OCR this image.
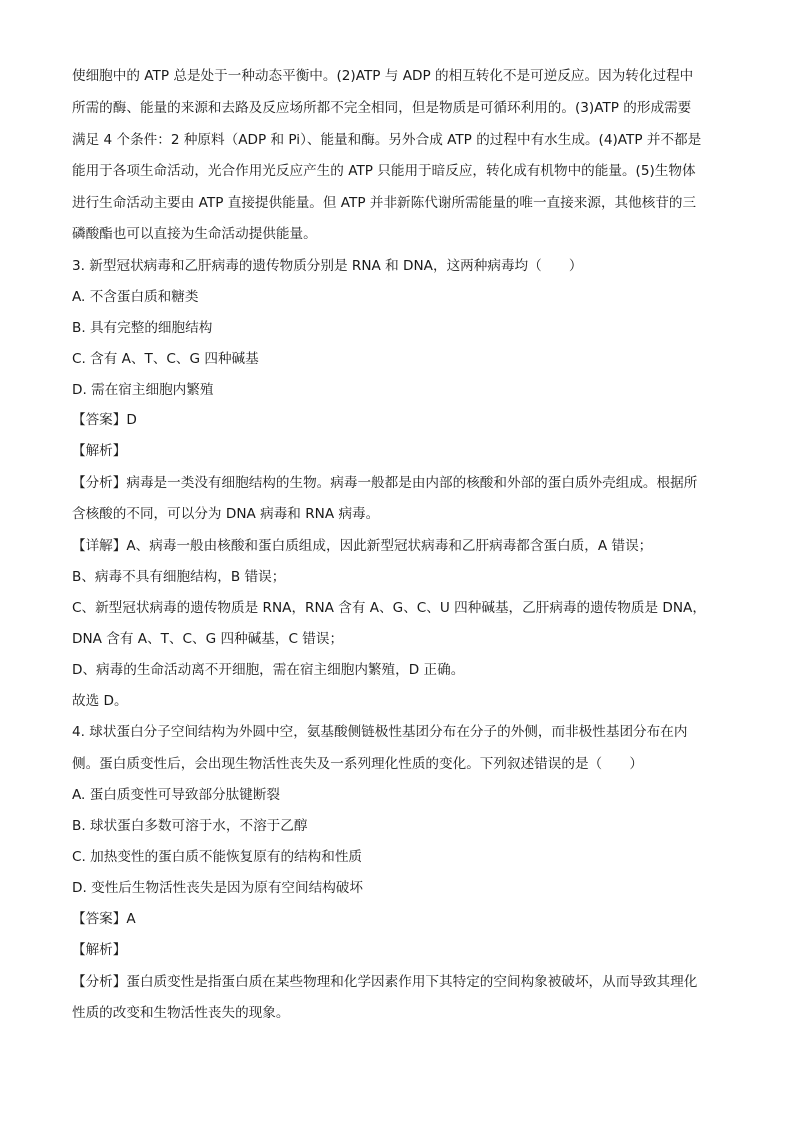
使细胞中的 ATP 总是处于一种动态平衡中。(2)ATP 与 ADP 的相互转化不是可逆反应。因为转化过程中
所需的酶、能量的来源和去路及反应场所都不完全相同，但是物质是可循环利用的。(3)ATP 的形成需要
满足 4 个条件：2 种原料（ADP 和 Pi）、能量和酶。另外合成 ATP 的过程中有水生成。(4)ATP 并不都是
能用于各项生命活动，光合作用光反应产生的 ATP 只能用于暗反应，转化成有机物中的能量。(5)生物体
进行生命活动主要由 ATP 直接提供能量。但 ATP 并非新陈代谢所需能量的唯一直接来源，其他核苷的三
磷酸酯也可以直接为生命活动提供能量。
3. 新型冠状病毒和乙肝病毒的遗传物质分别是 RNA 和 DNA，这两种病毒均（　　）
A. 不含蛋白质和糖类
B. 具有完整的细胞结构
C. 含有 A、T、C、G 四种碱基
D. 需在宿主细胞内繁殖
【答案】D
【解析】
【分析】病毒是一类没有细胞结构的生物。病毒一般都是由内部的核酸和外部的蛋白质外壳组成。根据所
含核酸的不同，可以分为 DNA 病毒和 RNA 病毒。
【详解】A、病毒一般由核酸和蛋白质组成，因此新型冠状病毒和乙肝病毒都含蛋白质，A 错误；
B、病毒不具有细胞结构，B 错误；
C、新型冠状病毒的遗传物质是 RNA，RNA 含有 A、G、C、U 四种碱基，乙肝病毒的遗传物质是 DNA，
DNA 含有 A、T、C、G 四种碱基，C 错误；
D、病毒的生命活动离不开细胞，需在宿主细胞内繁殖，D 正确。
故选 D。
4. 球状蛋白分子空间结构为外圆中空，氨基酸侧链极性基团分布在分子的外侧，而非极性基团分布在内
侧。蛋白质变性后，会出现生物活性丧失及一系列理化性质的变化。下列叙述错误的是（　　）
A. 蛋白质变性可导致部分肽键断裂
B. 球状蛋白多数可溶于水，不溶于乙醇
C. 加热变性的蛋白质不能恢复原有的结构和性质
D. 变性后生物活性丧失是因为原有空间结构破坏
【答案】A
【解析】
【分析】蛋白质变性是指蛋白质在某些物理和化学因素作用下其特定的空间构象被破坏，从而导致其理化
性质的改变和生物活性丧失的现象。
